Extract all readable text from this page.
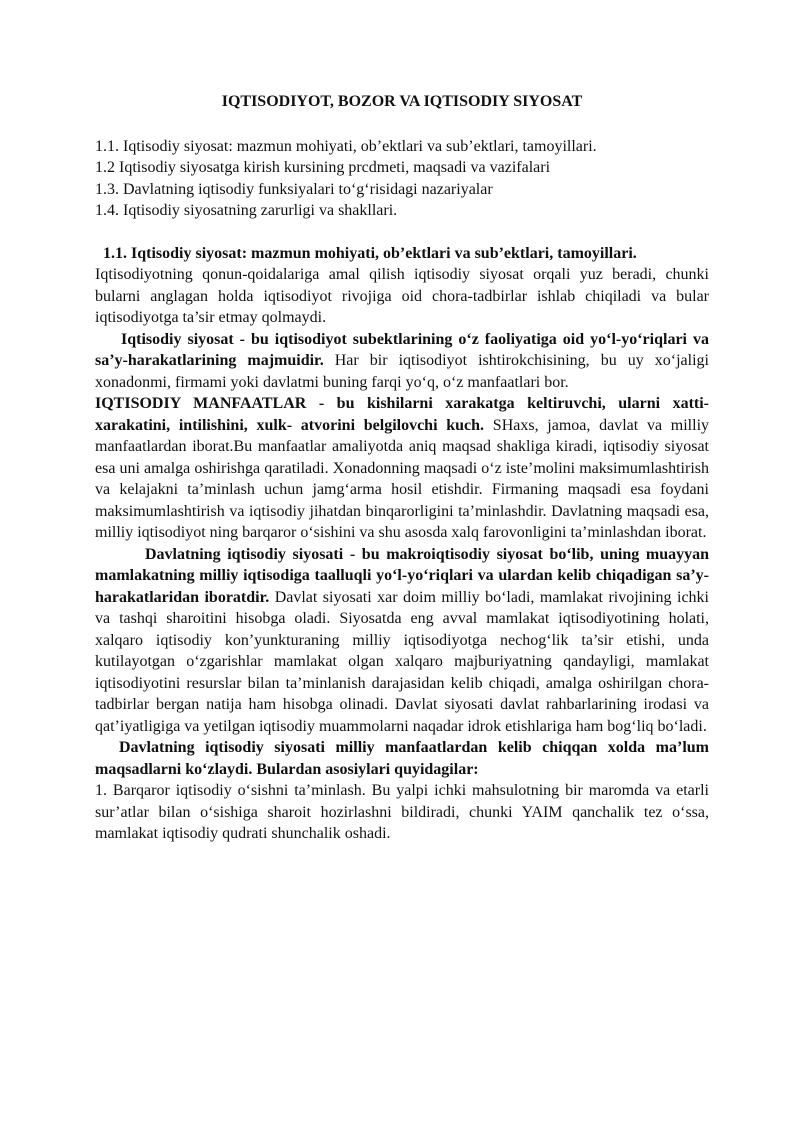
IQTISODIYOT, BOZOR VA IQTISODIY SIYOSAT
1.1. Iqtisodiy siyosat: mazmun mohiyati, ob’ektlari va sub’ektlari, tamoyillari.
1.2 Iqtisodiy siyosatga kirish kursining prcdmeti, maqsadi va vazifalari
1.3. Davlatning iqtisodiy funksiyalari to‘g‘risidagi nazariyalar
1.4. Iqtisodiy siyosatning zarurligi va shakllari.

1.1. Iqtisodiy siyosat: mazmun mohiyati, ob’ektlari va sub’ektlari, tamoyillari.

Iqtisodiyotning qonun-qoidalariga amal qilish iqtisodiy siyosat orqali yuz beradi, chunki bularni anglagan holda iqtisodiyot rivojiga oid chora-tadbirlar ishlab chiqiladi va bular iqtisodiyotga ta’sir etmay qolmaydi.

Iqtisodiy siyosat - bu iqtisodiyot subektlarining o‘z faoliyatiga oid yo‘l-yo‘riqlari va sa’y-harakatlarining majmuidir. Har bir iqtisodiyot ishtirokchisining, bu uy xo‘jaligi xonadonmi, firmami yoki davlatmi buning farqi yo‘q, o‘z manfaatlari bor.

IQTISODIY MANFAATLAR - bu kishilarni xarakatga keltiruvchi, ularni xatti-xarakatini, intilishini, xulk- atvorini belgilovchi kuch. SHaxs, jamoa, davlat va milliy manfaatlardan iborat.Bu manfaatlar amaliyotda aniq maqsad shakliga kiradi, iqtisodiy siyosat esa uni amalga oshirishga qaratiladi. Xonadonning maqsadi o‘z iste’molini maksimumlashtirish va kelajakni ta’minlash uchun jamg‘arma hosil etishdir. Firmaning maqsadi esa foydani maksimumlashtirish va iqtisodiy jihatdan binqarorligini ta’minlashdir. Davlatning maqsadi esa, milliy iqtisodiyot ning barqaror o‘sishini va shu asosda xalq farovonligini ta’minlashdan iborat.

Davlatning iqtisodiy siyosati - bu makroiqtisodiy siyosat bo‘lib, uning muayyan mamlakatning milliy iqtisodiga taalluqli yo‘l-yo‘riqlari va ulardan kelib chiqadigan sa’y-harakatlaridan iboratdir. Davlat siyosati xar doim milliy bo‘ladi, mamlakat rivojining ichki va tashqi sharoitini hisobga oladi. Siyosatda eng avval mamlakat iqtisodiyotining holati, xalqaro iqtisodiy kon’yunkturaning milliy iqtisodiyotga nechog‘lik ta’sir etishi, unda kutilayotgan o‘zgarishlar mamlakat olgan xalqaro majburiyatning qandayligi, mamlakat iqtisodiyotini resurslar bilan ta’minlanish darajasidan kelib chiqadi, amalga oshirilgan chora-tadbirlar bergan natija ham hisobga olinadi. Davlat siyosati davlat rahbarlarining irodasi va qat’iyatligiga va yetilgan iqtisodiy muammolarni naqadar idrok etishlariga ham bog‘liq bo‘ladi.

Davlatning iqtisodiy siyosati milliy manfaatlardan kelib chiqqan xolda ma’lum maqsadlarni ko‘zlaydi. Bulardan asosiylari quyidagilar:

1. Barqaror iqtisodiy o‘sishni ta’minlash. Bu yalpi ichki mahsulotning bir maromda va etarli sur’atlar bilan o‘sishiga sharoit hozirlashni bildiradi, chunki YAIM qanchalik tez o‘ssa, mamlakat iqtisodiy qudrati shunchalik oshadi.
